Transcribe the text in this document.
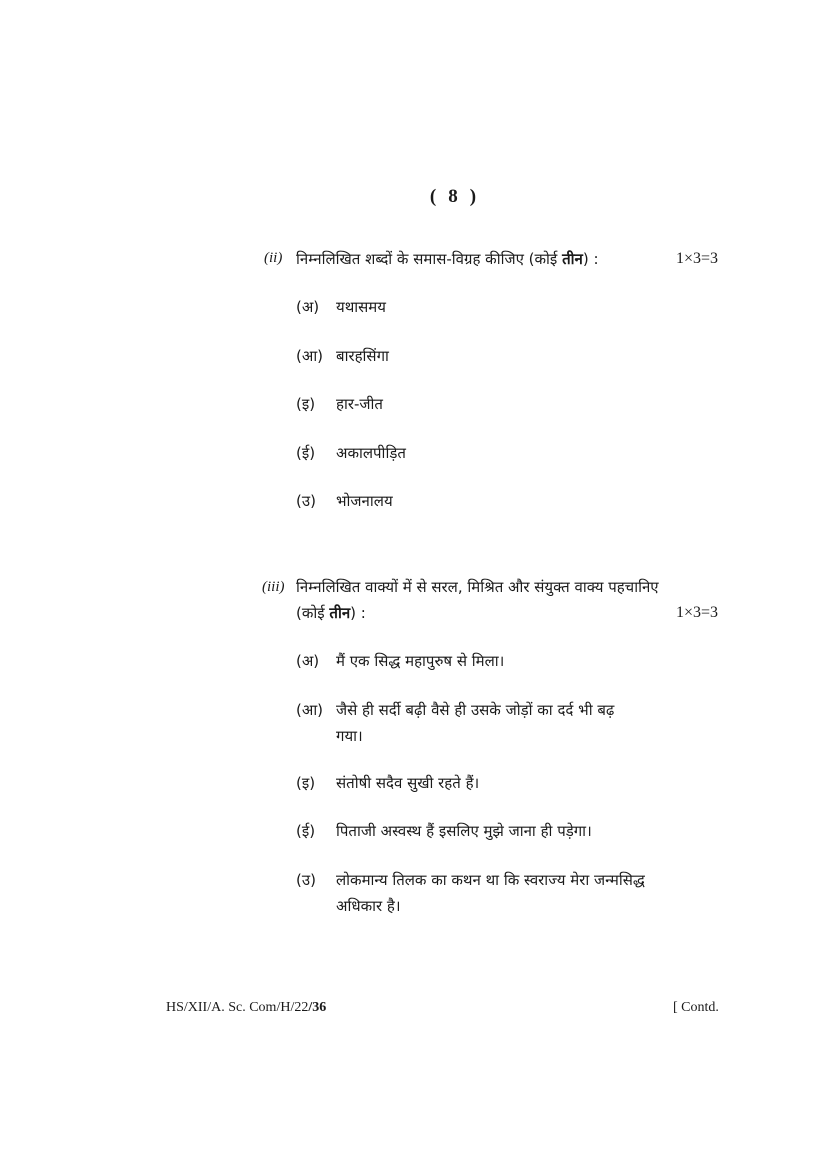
( 8 )
(ii) निम्नलिखित शब्दों के समास-विग्रह कीजिए (कोई तीन) :	1×3=3
(अ) यथासमय
(आ) बारहसिंगा
(इ) हार-जीत
(ई) अकालपीड़ित
(उ) भोजनालय
(iii) निम्नलिखित वाक्यों में से सरल, मिश्रित और संयुक्त वाक्य पहचानिए
(कोई तीन) :	1×3=3
(अ) मैं एक सिद्ध महापुरुष से मिला।
(आ) जैसे ही सर्दी बढ़ी वैसे ही उसके जोड़ों का दर्द भी बढ़
गया।
(इ) संतोषी सदैव सुखी रहते हैं।
(ई) पिताजी अस्वस्थ हैं इसलिए मुझे जाना ही पड़ेगा।
(उ) लोकमान्य तिलक का कथन था कि स्वराज्य मेरा जन्मसिद्ध
अधिकार है।
HS/XII/A. Sc. Com/H/22/36	[ Contd.
